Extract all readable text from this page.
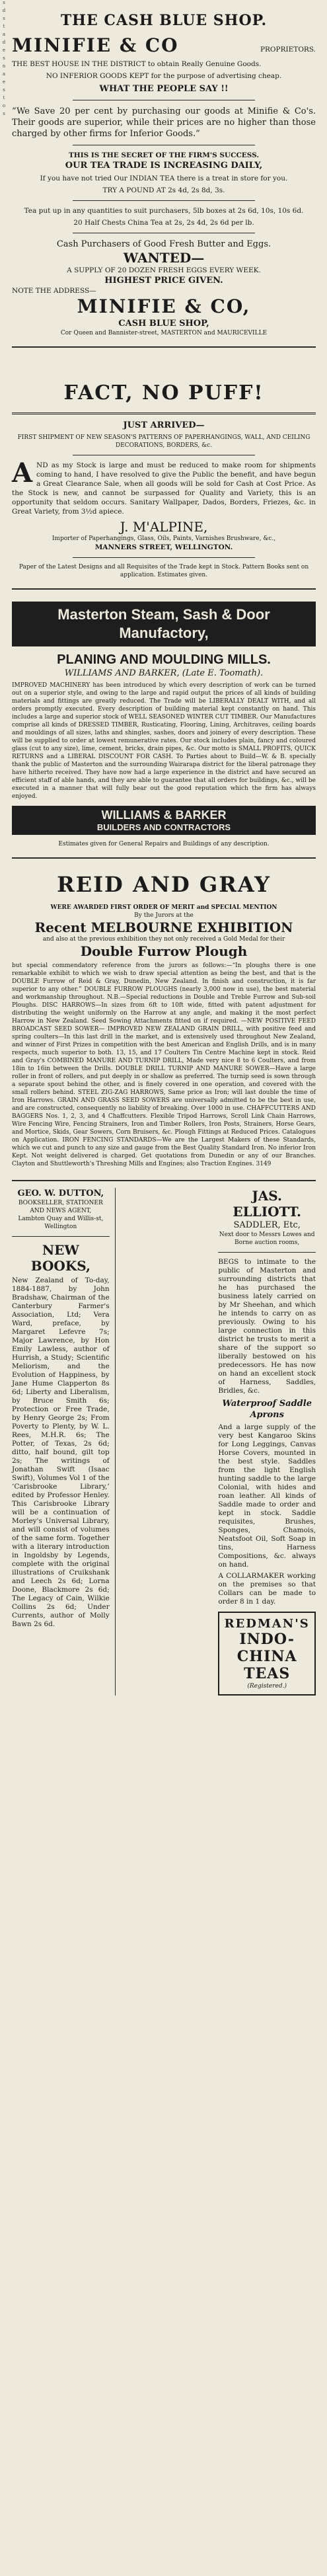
s
d
s
t
a
d
e
s
n
a
e
s
t
o
s
THE CASH BLUE SHOP.
MINIFIE & CO	PROPRIETORS.

THE BEST HOUSE IN THE DISTRICT to obtain Really Genuine Goods.

NO INFERIOR GOODS KEPT for the purpose of advertising cheap.

WHAT THE PEOPLE SAY !!

“We Save 20 per cent by purchasing our goods at Minifie & Co's. Their goods are superior, while their prices are no higher than those charged by other firms for Inferior Goods.”

THIS IS THE SECRET OF THE FIRM'S SUCCESS.
OUR TEA TRADE IS INCREASING DAILY,

If you have not tried Our INDIAN TEA there is a treat in store for you.

TRY A POUND AT 2s 4d, 2s 8d, 3s.

Tea put up in any quantities to suit purchasers, 5lb boxes at 2s 6d, 10s, 10s 6d.

20 Half Chests China Tea at 2s, 2s 4d, 2s 6d per lb.
Cash Purchasers of Good Fresh Butter and Eggs.
WANTED—
A SUPPLY OF 20 DOZEN FRESH EGGS EVERY WEEK.
HIGHEST PRICE GIVEN.
NOTE THE ADDRESS—
MINIFIE & CO,
CASH BLUE SHOP,
Cor Queen and Bannister-street, MASTERTON and MAURICEVILLE
FACT, NO PUFF!
JUST ARRIVED—

FIRST SHIPMENT OF NEW SEASON'S PATTERNS OF PAPERHANGINGS, WALL, AND CEILING DECORATIONS, BORDERS, &c.

A ND as my Stock is large and must be reduced to make room for shipments coming to hand, I have resolved to give the Public the benefit, and have begun a Great Clearance Sale, when all goods will be sold for Cash at Cost Price. As the Stock is new, and cannot be surpassed for Quality and Variety, this is an opportunity that seldom occurs. Sanitary Wallpaper, Dados, Borders, Friezes, &c. in Great Variety, from 3½d apiece.

J. M'ALPINE,
Importer of Paperhangings, Glass, Oils, Paints, Varnishes Brushware, &c.,
MANNERS STREET, WELLINGTON.
Paper of the Latest Designs and all Requisites of the Trade kept in Stock. Pattern Books sent on application. Estimates given.
Masterton Steam, Sash & Door Manufactory,
PLANING AND MOULDING MILLS.
WILLIAMS AND BARKER, (Late E. Toomath).

IMPROVED MACHINERY has been introduced by which every description of work can be turned out on a superior style, and owing to the large and rapid output the prices of all kinds of building materials and fittings are greatly reduced. The Trade will be LIBERALLY DEALT WITH, and all orders promptly executed. Every description of building material kept constantly on hand. This includes a large and superior stock of WELL SEASONED WINTER CUT TIMBER. Our Manufactures comprise all kinds of DRESSED TIMBER, Rusticating, Flooring, Lining, Architraves, ceiling boards and mouldings of all sizes, laths and shingles, sashes, doors and joinery of every description. These will be supplied to order at lowest remunerative rates. Our stock includes plain, fancy and coloured glass (cut to any size), lime, cement, bricks, drain pipes, &c. Our motto is SMALL PROFITS, QUICK RETURNS and a LIBERAL DISCOUNT FOR CASH. To Parties about to Build—W. & B. specially thank the public of Masterton and the surrounding Wairarapa district for the liberal patronage they have hitherto received. They have now had a large experience in the district and have secured an efficient staff of able hands, and they are able to guarantee that all orders for buildings, &c., will be executed in a manner that will fully bear out the good reputation which the firm has always enjoyed.

WILLIAMS & BARKER
BUILDERS AND CONTRACTORS
Estimates given for General Repairs and Buildings of any description.
REID AND GRAY
WERE AWARDED FIRST ORDER OF MERIT and SPECIAL MENTION
By the Jurors at the
Recent MELBOURNE EXHIBITION
and also at the previous exhibition they not only received a Gold Medal for their
Double Furrow Plough

but special commendatory reference from the jurors as follows:—“In ploughs there is one remarkable exhibit to which we wish to draw special attention as being the best, and that is the DOUBLE Furrow of Reid & Gray, Dunedin, New Zealand. In finish and construction, it is far superior to any other.” DOUBLE FURROW PLOUGHS (nearly 3,000 now in use), the best material and workmanship throughout. N.B.—Special reductions in Double and Treble Furrow and Sub-soil Ploughs. DISC HARROWS—In sizes from 6ft to 10ft wide, fitted with patent adjustment for distributing the weight uniformly on the Harrow at any angle, and making it the most perfect Harrow in New Zealand. Seed Sowing Attachments fitted on if required. —NEW POSITIVE FEED BROADCAST SEED SOWER— IMPROVED NEW ZEALAND GRAIN DRILL, with positive feed and spring coulters—In this last drill in the market, and is extensively used throughout New Zealand, and winner of First Prizes in competition with the best American and English Drills, and is in many respects, much superior to both. 13, 15, and 17 Coulters Tin Centre Machine kept in stock. Reid and Gray's COMBINED MANURE AND TURNIP DRILL, Made very nice 8 to 6 Coulters, and from 18in to 16in between the Drills. DOUBLE DRILL TURNIP AND MANURE SOWER—Have a large roller in front of rollers, and put deeply in or shallow as preferred. The turnip seed is sown through a separate spout behind the other, and is finely covered in one operation, and covered with the small rollers behind. STEEL ZIG-ZAG HARROWS, Same price as Iron; will last double the time of Iron Harrows. GRAIN AND GRASS SEED SOWERS are universally admitted to be the best in use, and are constructed, consequently no liability of breaking. Over 1000 in use. CHAFFCUTTERS AND BAGGERS Nos. 1, 2, 3, and 4 Chaffcutters. Flexible Tripod Harrows, Scroll Link Chain Harrows, Wire Fencing Wire, Fencing Strainers, Iron and Timber Rollers, Iron Posts, Strainers, Horse Gears, and Mortice, Skids, Gear Sowers, Corn Bruisers, &c. Plough Fittings at Reduced Prices. Catalogues on Application. IRON FENCING STANDARDS—We are the Largest Makers of these Standards, which we cut and punch to any size and gauge from the Best Quality Standard Iron. No inferior Iron Kept. Not weight delivered is charged. Get quotations from Dunedin or any of our Branches. Clayton and Shuttleworth's Threshing Mills and Engines; also Traction Engines. 3149

GEO. W. DUTTON,
BOOKSELLER, STATIONER AND NEWS AGENT,
Lambton Quay and Willis-st, Wellington
NEW BOOKS,

New Zealand of To-day, 1884-1887, by John Bradshaw, Chairman of the Canterbury Farmer's Association, Ltd; Vera Ward, preface, by Margaret Lefevre 7s; Major Lawrence, by Hon Emily Lawless, author of Hurrish, a Study; Scientific Meliorism, and the Evolution of Happiness, by Jane Hume Clapperton 8s 6d; Liberty and Liberalism, by Bruce Smith 6s; Protection or Free Trade, by Henry George 2s; From Poverty to Plenty, by W. L. Rees, M.H.R. 6s; The Potter, of Texas, 2s 6d; ditto, half bound, gilt top 2s; The writings of Jonathan Swift (Isaac Swift), Volumes Vol 1 of the ‘Carisbrooke Library,’ edited by Professor Henley. This Carisbrooke Library will be a continuation of Morley's Universal Library, and will consist of volumes of the same form. Together with a literary introduction in Ingoldsby by Legends, complete with the original illustrations of Cruikshank and Leech 2s 6d; Lorna Doone, Blackmore 2s 6d; The Legacy of Cain, Wilkie Collins 2s 6d; Under Currents, author of Molly Bawn 2s 6d.

JAS. ELLIOTT.
SADDLER, Etc,
Next door to Messrs Lowes and Borne auction rooms,

BEGS to intimate to the public of Masterton and surrounding districts that he has purchased the business lately carried on by Mr Sheehan, and which he intends to carry on as previously. Owing to his large connection in this district he trusts to merit a share of the support so liberally bestowed on his predecessors. He has now on hand an excellent stock of Harness, Saddles, Bridles, &c.

Waterproof Saddle Aprons

And a large supply of the very best Kangaroo Skins for Long Leggings, Canvas Horse Covers, mounted in the best style. Saddles from the light English hunting saddle to the large Colonial, with hides and roan leather. All kinds of Saddle made to order and kept in stock. Saddle requisites, Brushes, Sponges, Chamois, Neatsfoot Oil, Soft Soap in tins, Harness Compositions, &c. always on hand.

A COLLARMAKER working on the premises so that Collars can be made to order 8 in 1 day.

REDMAN'S
INDO-CHINA TEAS
(Registered.)
